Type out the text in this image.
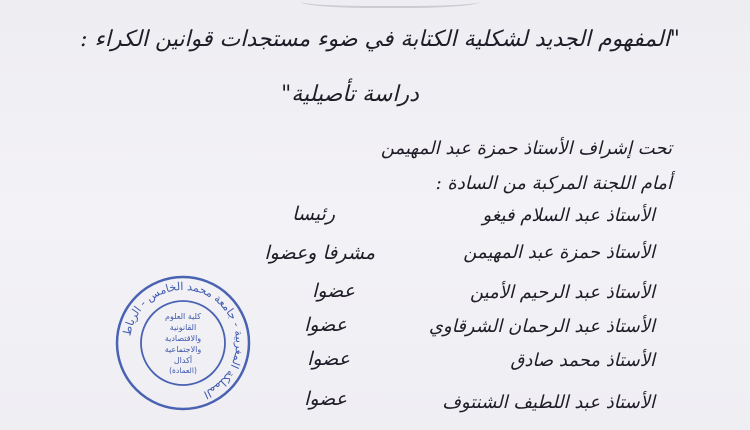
"المفهوم الجديد لشكلية الكتابة في ضوء مستجدات قوانين الكراء :
دراسة تأصيلية"
تحت إشراف الأستاذ حمزة عبد المهيمن
أمام اللجنة المركبة من السادة :
الأستاذ عبد السلام فيغو
رئيسا
الأستاذ حمزة عبد المهيمن
مشرفا وعضوا
الأستاذ عبد الرحيم الأمين
عضوا
الأستاذ عبد الرحمان الشرقاوي
عضوا
الأستاذ محمد صادق
عضوا
الأستاذ عبد اللطيف الشنتوف
عضوا
المملكة المغربية - جامعة محمد الخامس - الرباط
كلية العلوم
القانونية
والاقتصادية
والاجتماعية
أكدال
(العمادة)
